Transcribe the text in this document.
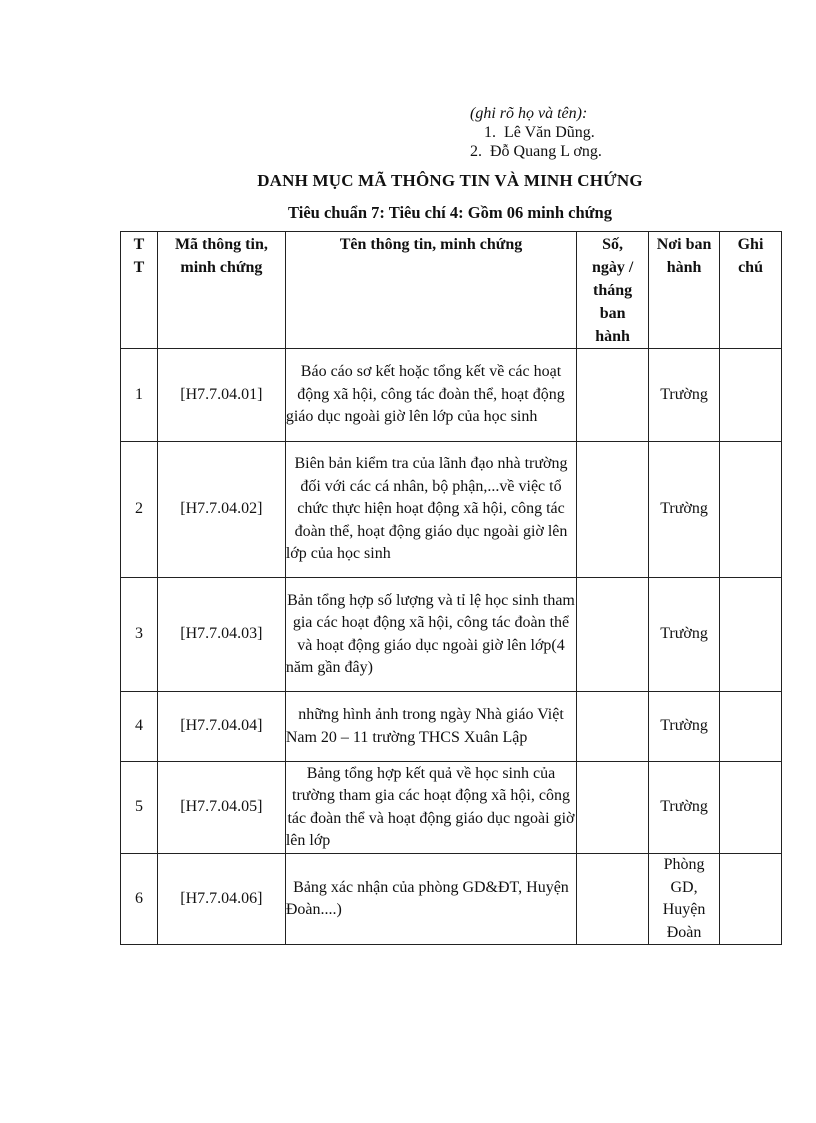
(ghi rõ họ và tên):
1. Lê Văn Dũng.
2. Đỗ Quang L ơng.
DANH MỤC MÃ THÔNG TIN VÀ MINH CHỨNG
Tiêu chuẩn 7: Tiêu chí 4: Gồm 06 minh chứng
T T	Mã thông tin, minh chứng	Tên thông tin, minh chứng	Số, ngày / tháng ban hành	Nơi ban hành	Ghi chú
1	[H7.7.04.01]	Báo cáo sơ kết hoặc tổng kết về các hoạt động xã hội, công tác đoàn thể, hoạt động giáo dục ngoài giờ lên lớp của học sinh		Trường	
2	[H7.7.04.02]	Biên bản kiểm tra của lãnh đạo nhà trường đối với các cá nhân, bộ phận,...về việc tổ chức thực hiện hoạt động xã hội, công tác đoàn thể, hoạt động giáo dục ngoài giờ lên lớp của học sinh		Trường	
3	[H7.7.04.03]	Bản tổng hợp số lượng và tỉ lệ học sinh tham gia các hoạt động xã hội, công tác đoàn thể và hoạt động giáo dục ngoài giờ lên lớp(4 năm gần đây)		Trường	
4	[H7.7.04.04]	những hình ảnh trong ngày Nhà giáo Việt Nam 20 – 11 trường THCS Xuân Lập		Trường	
5	[H7.7.04.05]	Bảng tổng hợp kết quả về học sinh của trường tham gia các hoạt động xã hội, công tác đoàn thể và hoạt động giáo dục ngoài giờ lên lớp		Trường	
6	[H7.7.04.06]	Bảng xác nhận của phòng GD&ĐT, Huyện Đoàn....)		Phòng GD, Huyện Đoàn	
